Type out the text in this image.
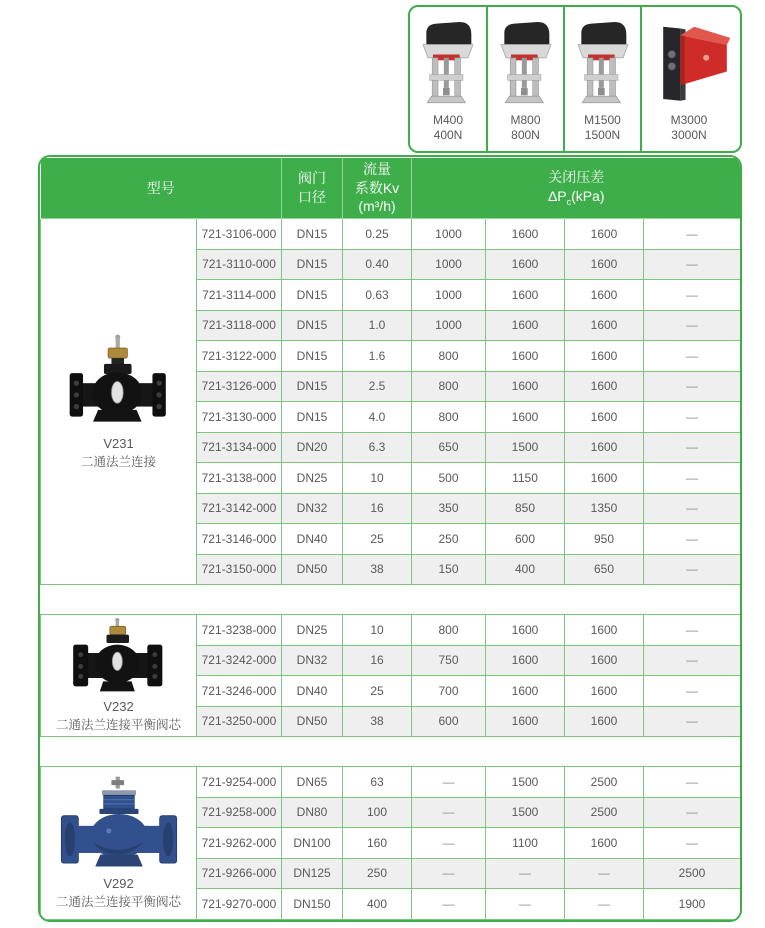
M400
400N
M800
800N
M1500
1500N
M3000
3000N
型号	
阀门
口径

流量
系数Kv
(m³/h)

关闭压差
$\Delta P_c(kPa)$

V231
二通法兰连接	721-3106-000	DN15	0.25	1000	1600	1600	—
	721-3110-000	DN15	0.40	1000	1600	1600	—
	721-3114-000	DN15	0.63	1000	1600	1600	—
	721-3118-000	DN15	1.0	1000	1600	1600	—
	721-3122-000	DN15	1.6	800	1600	1600	—
	721-3126-000	DN15	2.5	800	1600	1600	—
	721-3130-000	DN15	4.0	800	1600	1600	—
	721-3134-000	DN20	6.3	650	1500	1600	—
	721-3138-000	DN25	10	500	1150	1600	—
	721-3142-000	DN32	16	350	850	1350	—
	721-3146-000	DN40	25	250	600	950	—
	721-3150-000	DN50	38	150	400	650	—

V232
二通法兰连接平衡阀芯	721-3238-000	DN25	10	800	1600	1600	—
	721-3242-000	DN32	16	750	1600	1600	—
	721-3246-000	DN40	25	700	1600	1600	—
	721-3250-000	DN50	38	600	1600	1600	—

V292
二通法兰连接平衡阀芯	721-9254-000	DN65	63	—	1500	2500	—
	721-9258-000	DN80	100	—	1500	2500	—
	721-9262-000	DN100	160	—	1100	1600	—
	721-9266-000	DN125	250	—	—	—	2500
	721-9270-000	DN150	400	—	—	—	1900
